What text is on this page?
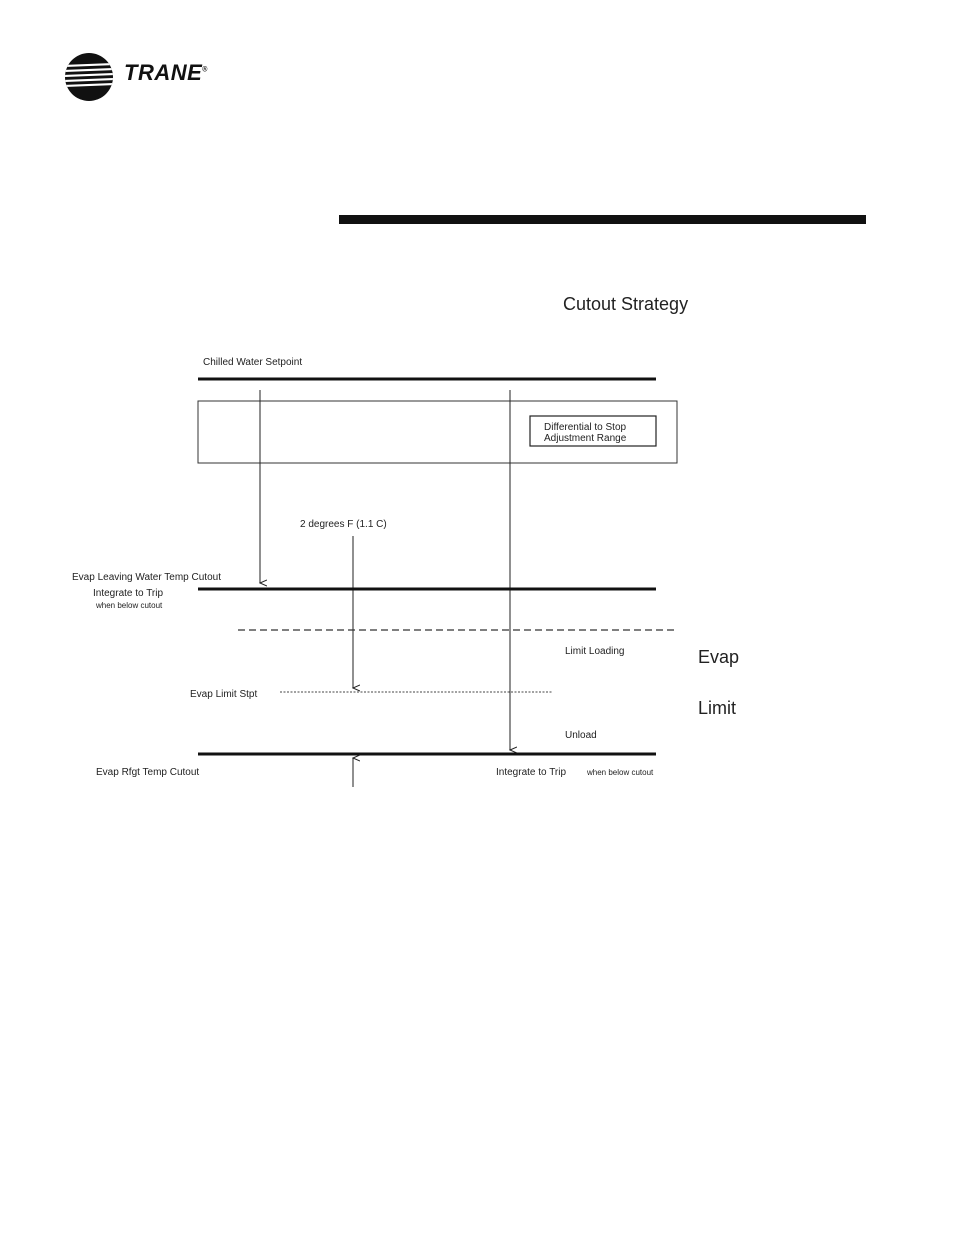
TRANE®
Cutout Strategy
Chilled Water Setpoint
Differential to Stop
Adjustment Range
2 degrees F (1.1 C)
Evap Leaving Water Temp Cutout
Integrate to Trip
when below cutout
Limit Loading	Evap
Evap Limit Stpt
Limit
Unload
Evap Rfgt Temp Cutout	Integrate to Trip	when below cutout
